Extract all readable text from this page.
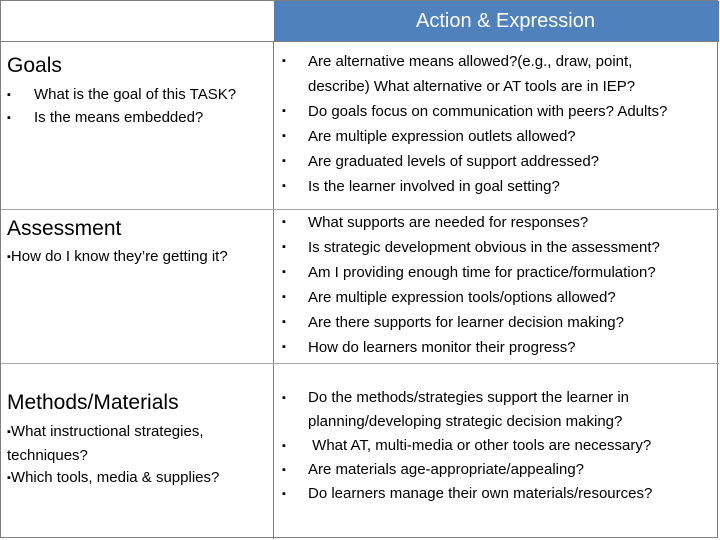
Action & Expression
Goals
▪ What is the goal of this TASK?
▪ Is the means embedded?
▪ Are alternative means allowed?(e.g., draw, point,
describe) What alternative or AT tools are in IEP?
▪ Do goals focus on communication with peers? Adults?
▪ Are multiple expression outlets allowed?
▪ Are graduated levels of support addressed?
▪ Is the learner involved in goal setting?
Assessment
▪How do I know they’re getting it?
▪ What supports are needed for responses?
▪ Is strategic development obvious in the assessment?
▪ Am I providing enough time for practice/formulation?
▪ Are multiple expression tools/options allowed?
▪ Are there supports for learner decision making?
▪ How do learners monitor their progress?
Methods/Materials
▪What instructional strategies, techniques?
▪Which tools, media & supplies?
▪ Do the methods/strategies support the learner in
planning/developing strategic decision making?
▪ What AT, multi-media or other tools are necessary?
▪ Are materials age-appropriate/appealing?
▪ Do learners manage their own materials/resources?
